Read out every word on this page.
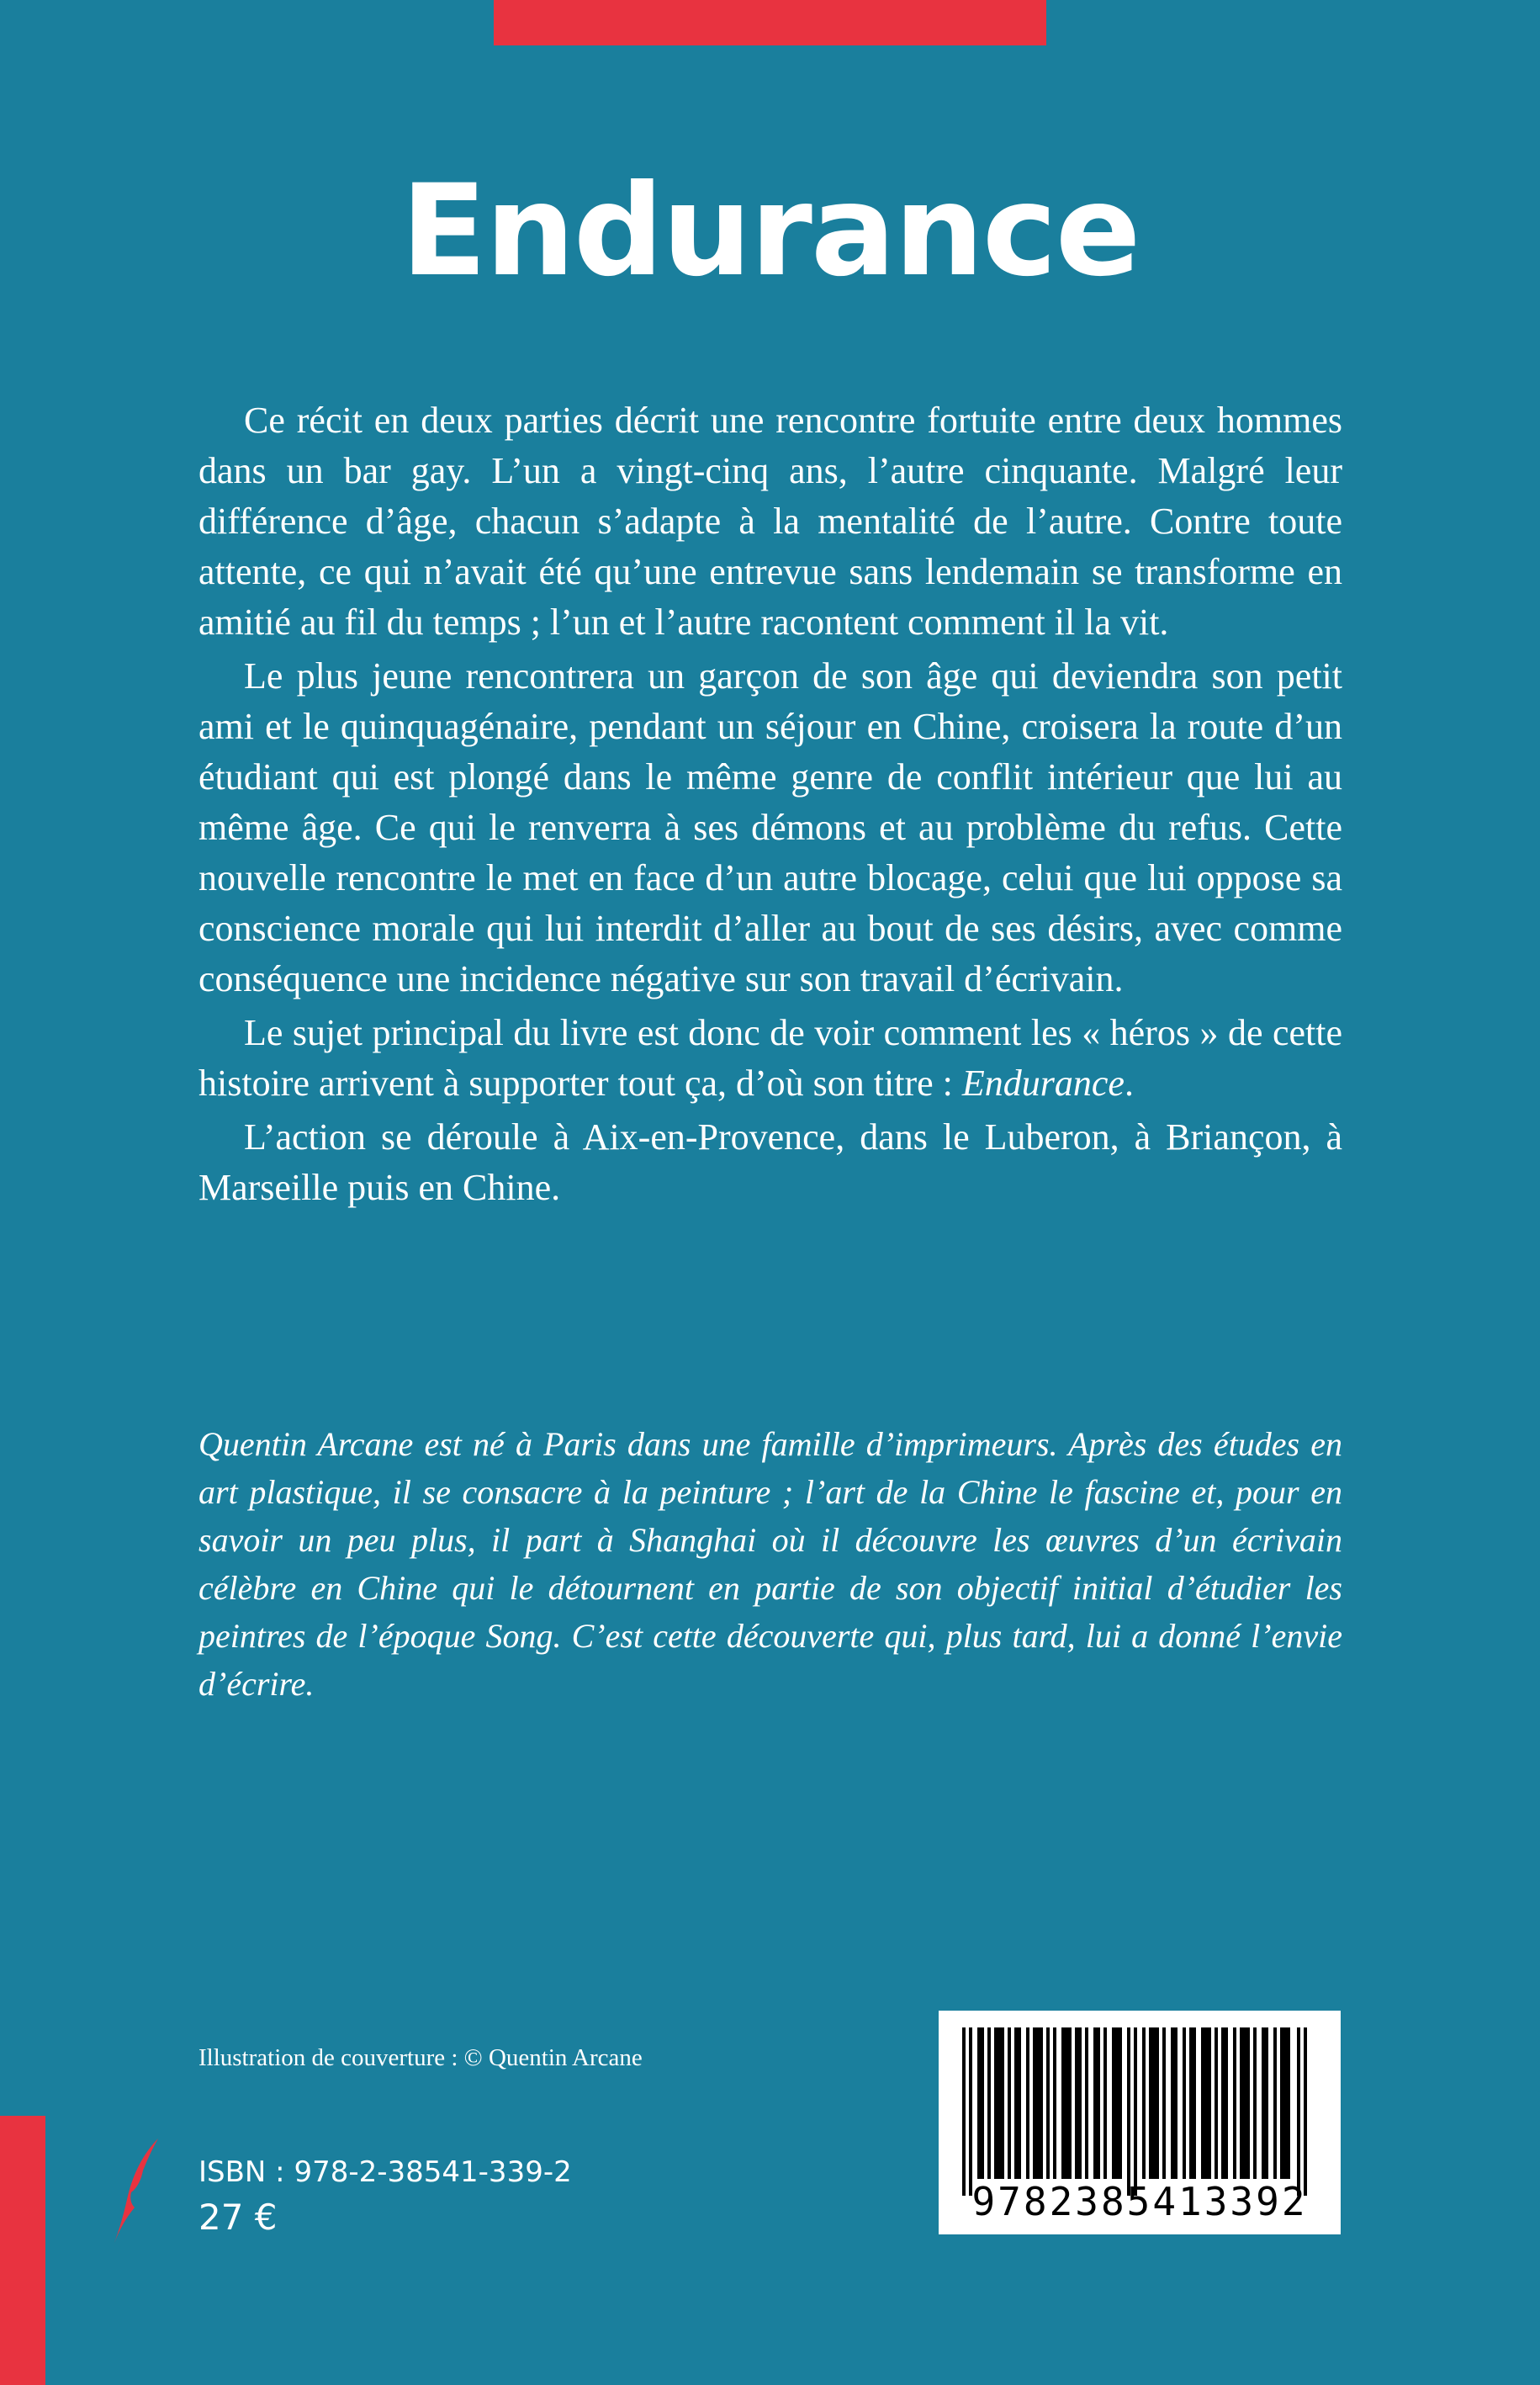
Endurance

Ce récit en deux parties décrit une rencontre fortuite entre deux hommes dans un bar gay. L’un a vingt-cinq ans, l’autre cinquante. Malgré leur différence d’âge, chacun s’adapte à la mentalité de l’autre. Contre toute attente, ce qui n’avait été qu’une entrevue sans lendemain se transforme en amitié au fil du temps ; l’un et l’autre racontent comment il la vit.

Le plus jeune rencontrera un garçon de son âge qui deviendra son petit ami et le quinquagénaire, pendant un séjour en Chine, croisera la route d’un étudiant qui est plongé dans le même genre de conflit intérieur que lui au même âge. Ce qui le renverra à ses démons et au problème du refus. Cette nouvelle rencontre le met en face d’un autre blocage, celui que lui oppose sa conscience morale qui lui interdit d’aller au bout de ses désirs, avec comme conséquence une incidence négative sur son travail d’écrivain.

Le sujet principal du livre est donc de voir comment les « héros » de cette histoire arrivent à supporter tout ça, d’où son titre : Endurance.

L’action se déroule à Aix-en-Provence, dans le Luberon, à Briançon, à Marseille puis en Chine.

Quentin Arcane est né à Paris dans une famille d’imprimeurs. Après des études en art plastique, il se consacre à la peinture ; l’art de la Chine le fascine et, pour en savoir un peu plus, il part à Shanghai où il découvre les œuvres d’un écrivain célèbre en Chine qui le détournent en partie de son objectif initial d’étudier les peintres de l’époque Song. C’est cette découverte qui, plus tard, lui a donné l’envie d’écrire.

Illustration de couverture : © Quentin Arcane

ISBN : 978-2-38541-339-2

27 €	9782385413392
